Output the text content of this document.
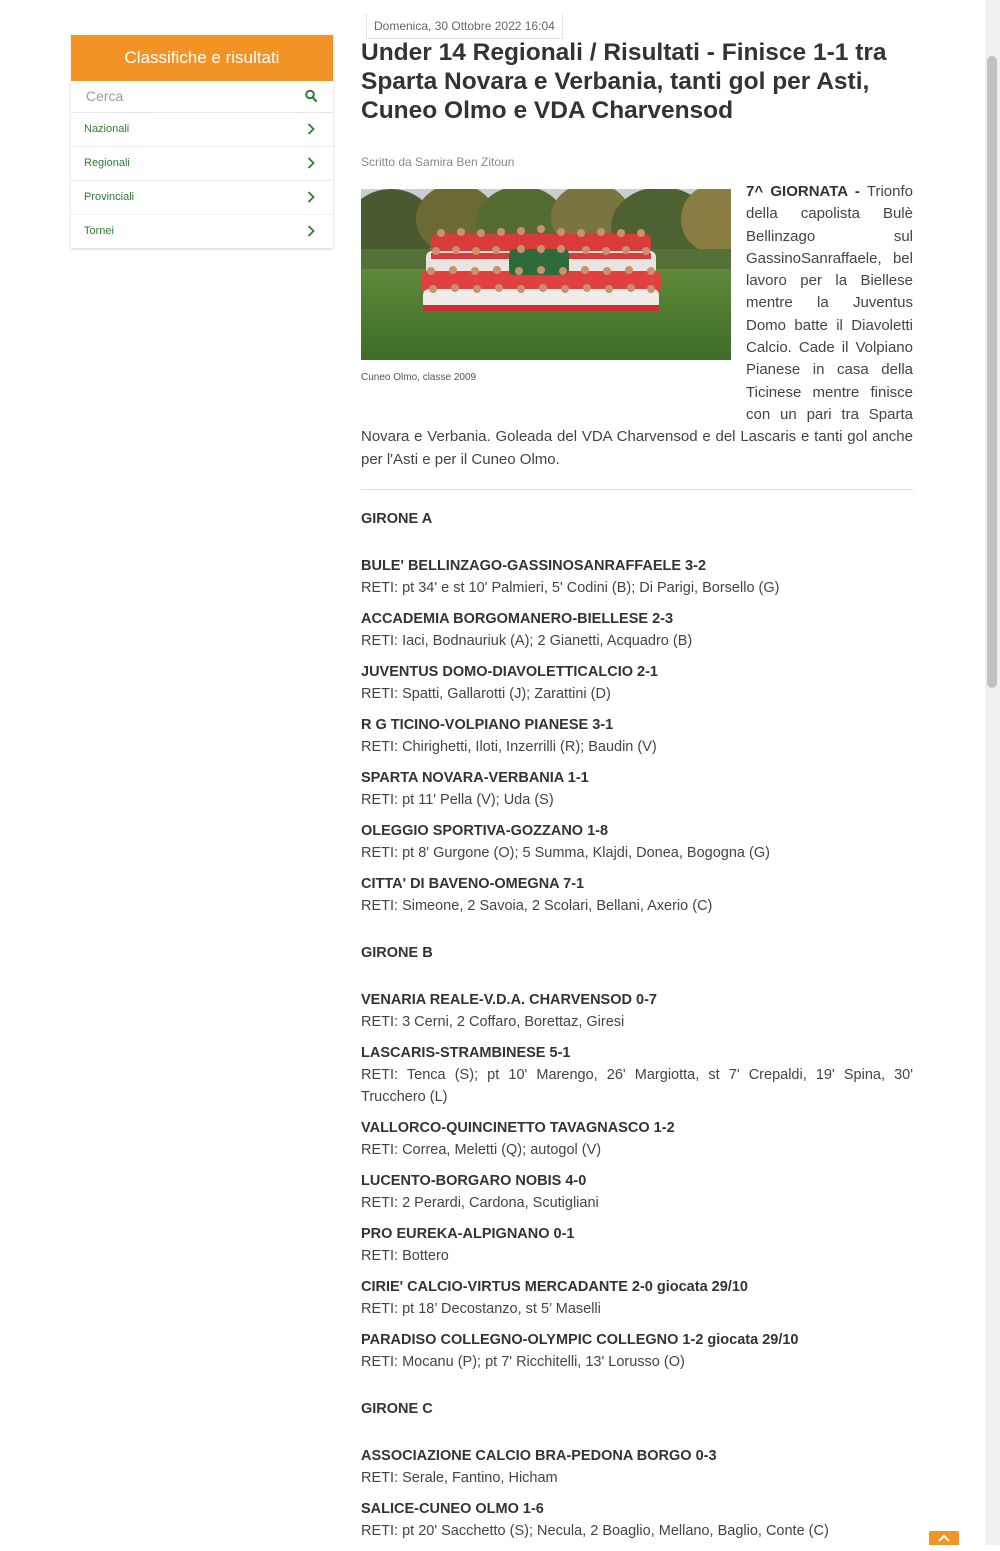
Classifiche e risultati
Cerca
Nazionali
Regionali
Provinciali
Tornei
Domenica, 30 Ottobre 2022 16:04
Under 14 Regionali / Risultati - Finisce 1-1 tra Sparta Novara e Verbania, tanti gol per Asti, Cuneo Olmo e VDA Charvensod
Scritto da Samira Ben Zitoun
7^ GIORNATA - Trionfo della capolista Bulè Bellinzago sul GassinoSanraffaele, bel lavoro per la Biellese mentre la Juventus Domo batte il Diavoletti Calcio. Cade il Volpiano Pianese in casa della Ticinese mentre finisce con un pari tra Sparta Novara e Verbania. Goleada del VDA Charvensod e del Lascaris e tanti gol anche per l'Asti e per il Cuneo Olmo.
Cuneo Olmo, classe 2009
GIRONE A
BULE' BELLINZAGO-GASSINOSANRAFFAELE 3-2
RETI: pt 34' e st 10' Palmieri, 5' Codini (B); Di Parigi, Borsello (G)
ACCADEMIA BORGOMANERO-BIELLESE 2-3
RETI: Iaci, Bodnauriuk (A); 2 Gianetti, Acquadro (B)
JUVENTUS DOMO-DIAVOLETTICALCIO 2-1
RETI: Spatti, Gallarotti (J); Zarattini (D)
R G TICINO-VOLPIANO PIANESE 3-1
RETI: Chirighetti, Iloti, Inzerrilli (R); Baudin (V)
SPARTA NOVARA-VERBANIA 1-1
RETI: pt 11' Pella (V); Uda (S)
OLEGGIO SPORTIVA-GOZZANO 1-8
RETI: pt 8' Gurgone (O); 5 Summa, Klajdi, Donea, Bogogna (G)
CITTA' DI BAVENO-OMEGNA 7-1
RETI: Simeone, 2 Savoia, 2 Scolari, Bellani, Axerio (C)
GIRONE B
VENARIA REALE-V.D.A. CHARVENSOD 0-7
RETI: 3 Cerni, 2 Coffaro, Borettaz, Giresi
LASCARIS-STRAMBINESE 5-1
RETI: Tenca (S); pt 10' Marengo, 26' Margiotta, st 7' Crepaldi, 19' Spina, 30' Trucchero (L)
VALLORCO-QUINCINETTO TAVAGNASCO 1-2
RETI: Correa, Meletti (Q); autogol (V)
LUCENTO-BORGARO NOBIS 4-0
RETI: 2 Perardi, Cardona, Scutigliani
PRO EUREKA-ALPIGNANO 0-1
RETI: Bottero
CIRIE' CALCIO-VIRTUS MERCADANTE 2-0 giocata 29/10
RETI: pt 18’ Decostanzo, st 5’ Maselli
PARADISO COLLEGNO-OLYMPIC COLLEGNO 1-2 giocata 29/10
RETI: Mocanu (P); pt 7' Ricchitelli, 13' Lorusso (O)
GIRONE C
ASSOCIAZIONE CALCIO BRA-PEDONA BORGO 0-3
RETI: Serale, Fantino, Hicham
SALICE-CUNEO OLMO 1-6
RETI: pt 20' Sacchetto (S); Necula, 2 Boaglio, Mellano, Baglio, Conte (C)
